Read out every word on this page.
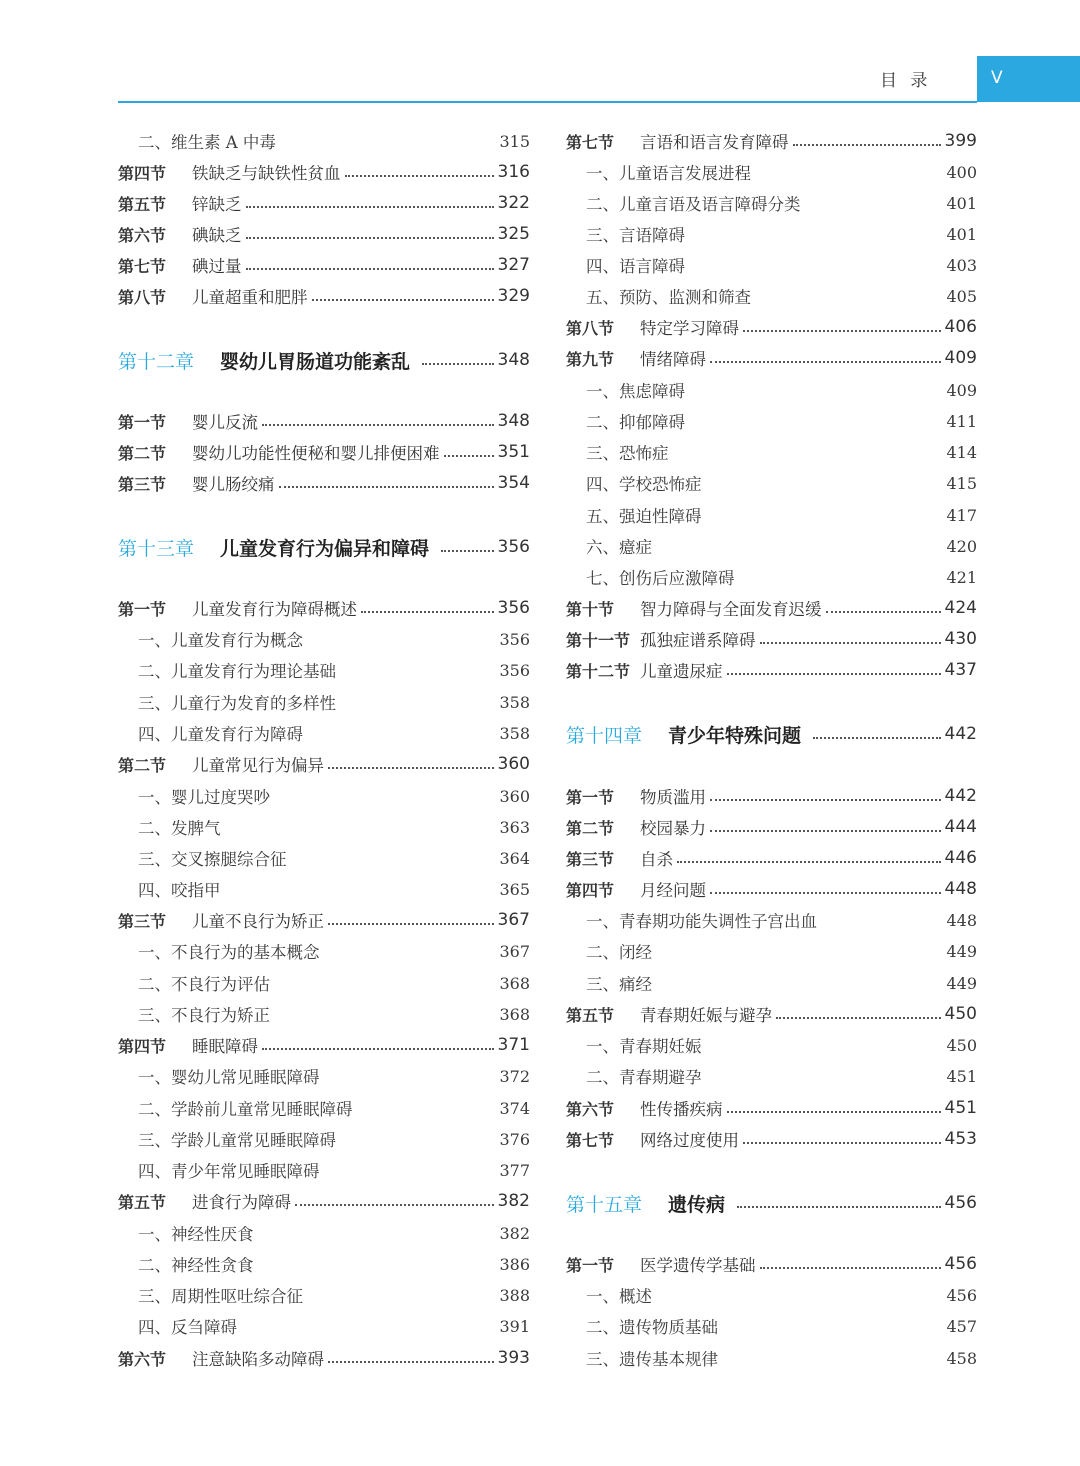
目 录	V
二、维生素 A 中毒	315
第四节	铁缺乏与缺铁性贫血	316
第五节	锌缺乏	322
第六节	碘缺乏	325
第七节	碘过量	327
第八节	儿童超重和肥胖	329
第十二章	婴幼儿胃肠道功能紊乱	348
第一节	婴儿反流	348
第二节	婴幼儿功能性便秘和婴儿排便困难	351
第三节	婴儿肠绞痛	354
第十三章	儿童发育行为偏异和障碍	356
第一节	儿童发育行为障碍概述	356
一、儿童发育行为概念	356
二、儿童发育行为理论基础	356
三、儿童行为发育的多样性	358
四、儿童发育行为障碍	358
第二节	儿童常见行为偏异	360
一、婴儿过度哭吵	360
二、发脾气	363
三、交叉擦腿综合征	364
四、咬指甲	365
第三节	儿童不良行为矫正	367
一、不良行为的基本概念	367
二、不良行为评估	368
三、不良行为矫正	368
第四节	睡眠障碍	371
一、婴幼儿常见睡眠障碍	372
二、学龄前儿童常见睡眠障碍	374
三、学龄儿童常见睡眠障碍	376
四、青少年常见睡眠障碍	377
第五节	进食行为障碍	382
一、神经性厌食	382
二、神经性贪食	386
三、周期性呕吐综合征	388
四、反刍障碍	391
第六节	注意缺陷多动障碍	393
第七节	言语和语言发育障碍	399
一、儿童语言发展进程	400
二、儿童言语及语言障碍分类	401
三、言语障碍	401
四、语言障碍	403
五、预防、监测和筛查	405
第八节	特定学习障碍	406
第九节	情绪障碍	409
一、焦虑障碍	409
二、抑郁障碍	411
三、恐怖症	414
四、学校恐怖症	415
五、强迫性障碍	417
六、癔症	420
七、创伤后应激障碍	421
第十节	智力障碍与全面发育迟缓	424
第十一节 孤独症谱系障碍	430
第十二节 儿童遗尿症	437
第十四章	青少年特殊问题	442
第一节	物质滥用	442
第二节	校园暴力	444
第三节	自杀	446
第四节	月经问题	448
一、青春期功能失调性子宫出血	448
二、闭经	449
三、痛经	449
第五节	青春期妊娠与避孕	450
一、青春期妊娠	450
二、青春期避孕	451
第六节	性传播疾病	451
第七节	网络过度使用	453
第十五章	遗传病	456
第一节	医学遗传学基础	456
一、概述	456
二、遗传物质基础	457
三、遗传基本规律	458
